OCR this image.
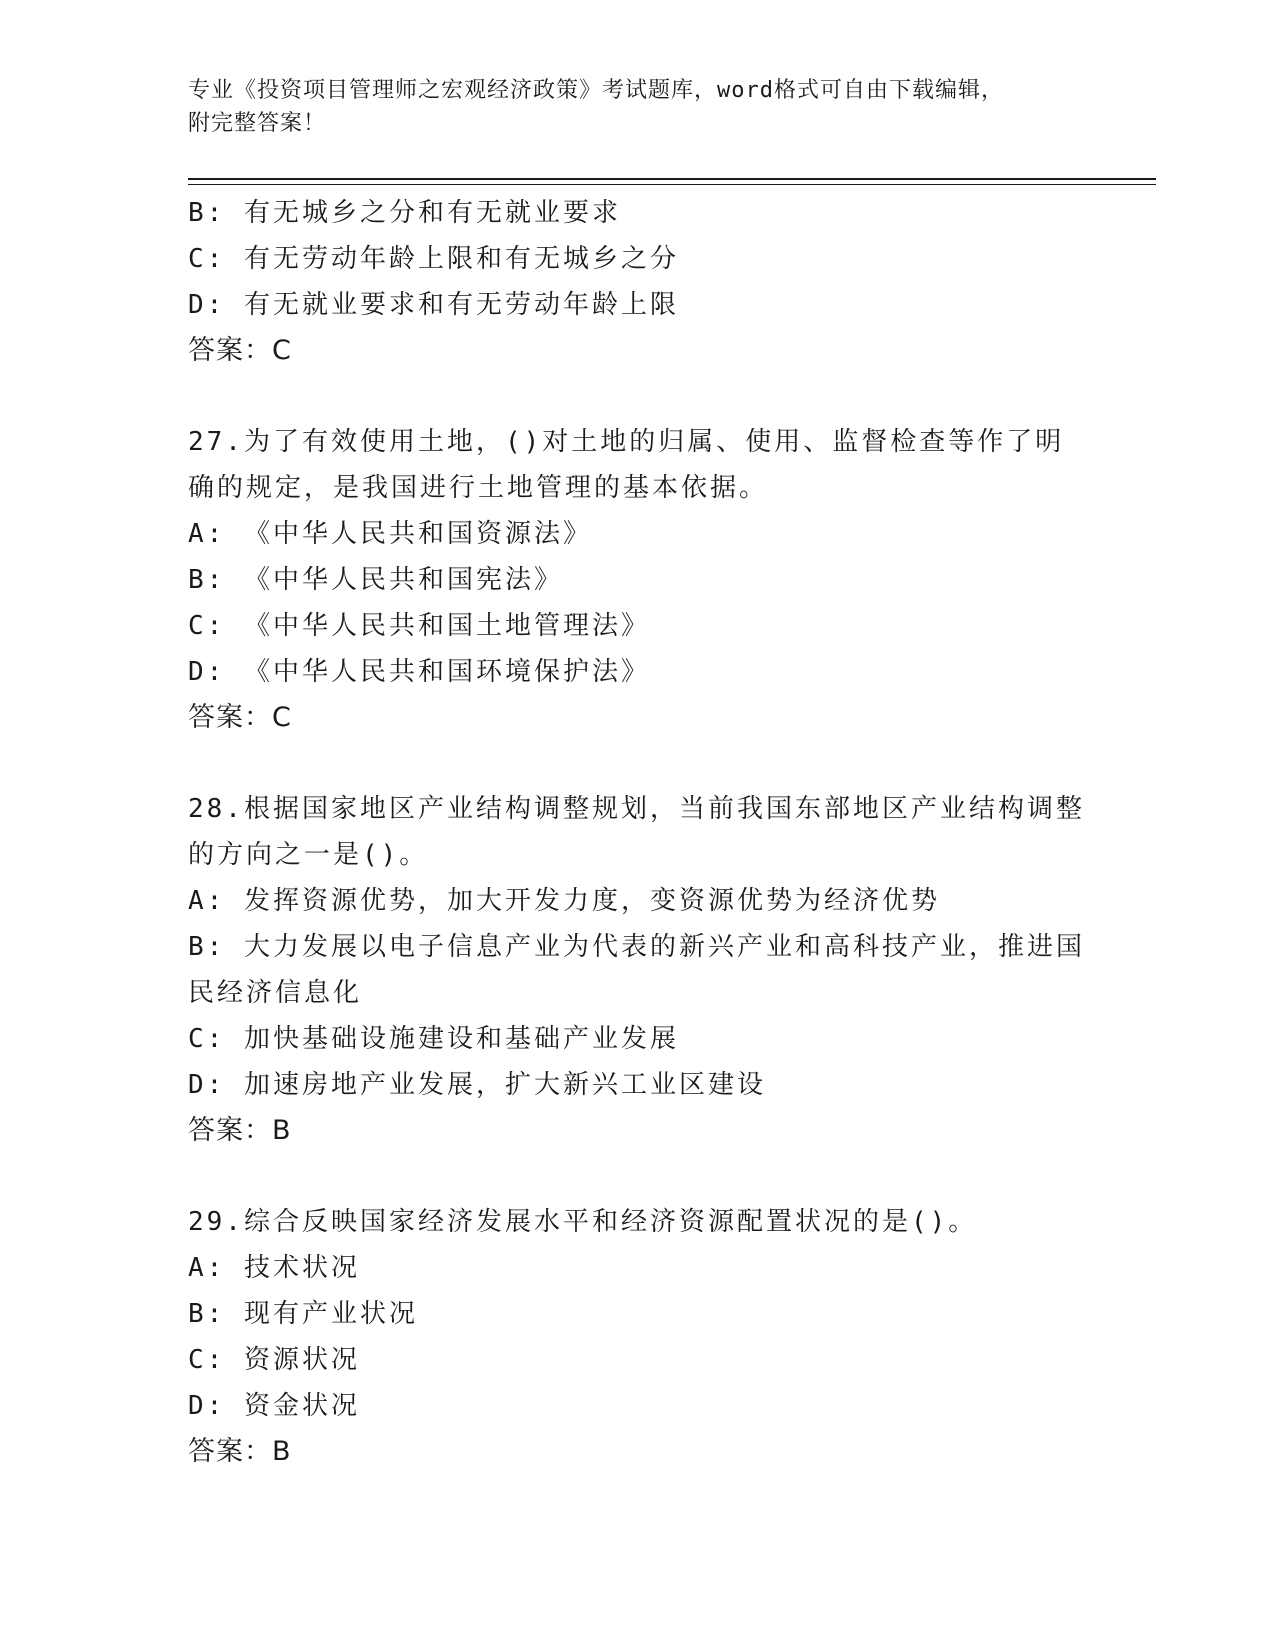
专业《投资项目管理师之宏观经济政策》考试题库，word格式可自由下载编辑，
附完整答案！
B: 有无城乡之分和有无就业要求
C: 有无劳动年龄上限和有无城乡之分
D: 有无就业要求和有无劳动年龄上限
答案：C
27.为了有效使用土地，()对土地的归属、使用、监督检查等作了明确的规定，是我国进行土地管理的基本依据。
A: 《中华人民共和国资源法》
B: 《中华人民共和国宪法》
C: 《中华人民共和国土地管理法》
D: 《中华人民共和国环境保护法》
答案：C
28.根据国家地区产业结构调整规划，当前我国东部地区产业结构调整的方向之一是()。
A: 发挥资源优势，加大开发力度，变资源优势为经济优势
B: 大力发展以电子信息产业为代表的新兴产业和高科技产业，推进国民经济信息化
C: 加快基础设施建设和基础产业发展
D: 加速房地产业发展，扩大新兴工业区建设
答案：B
29.综合反映国家经济发展水平和经济资源配置状况的是()。
A: 技术状况
B: 现有产业状况
C: 资源状况
D: 资金状况
答案：B
